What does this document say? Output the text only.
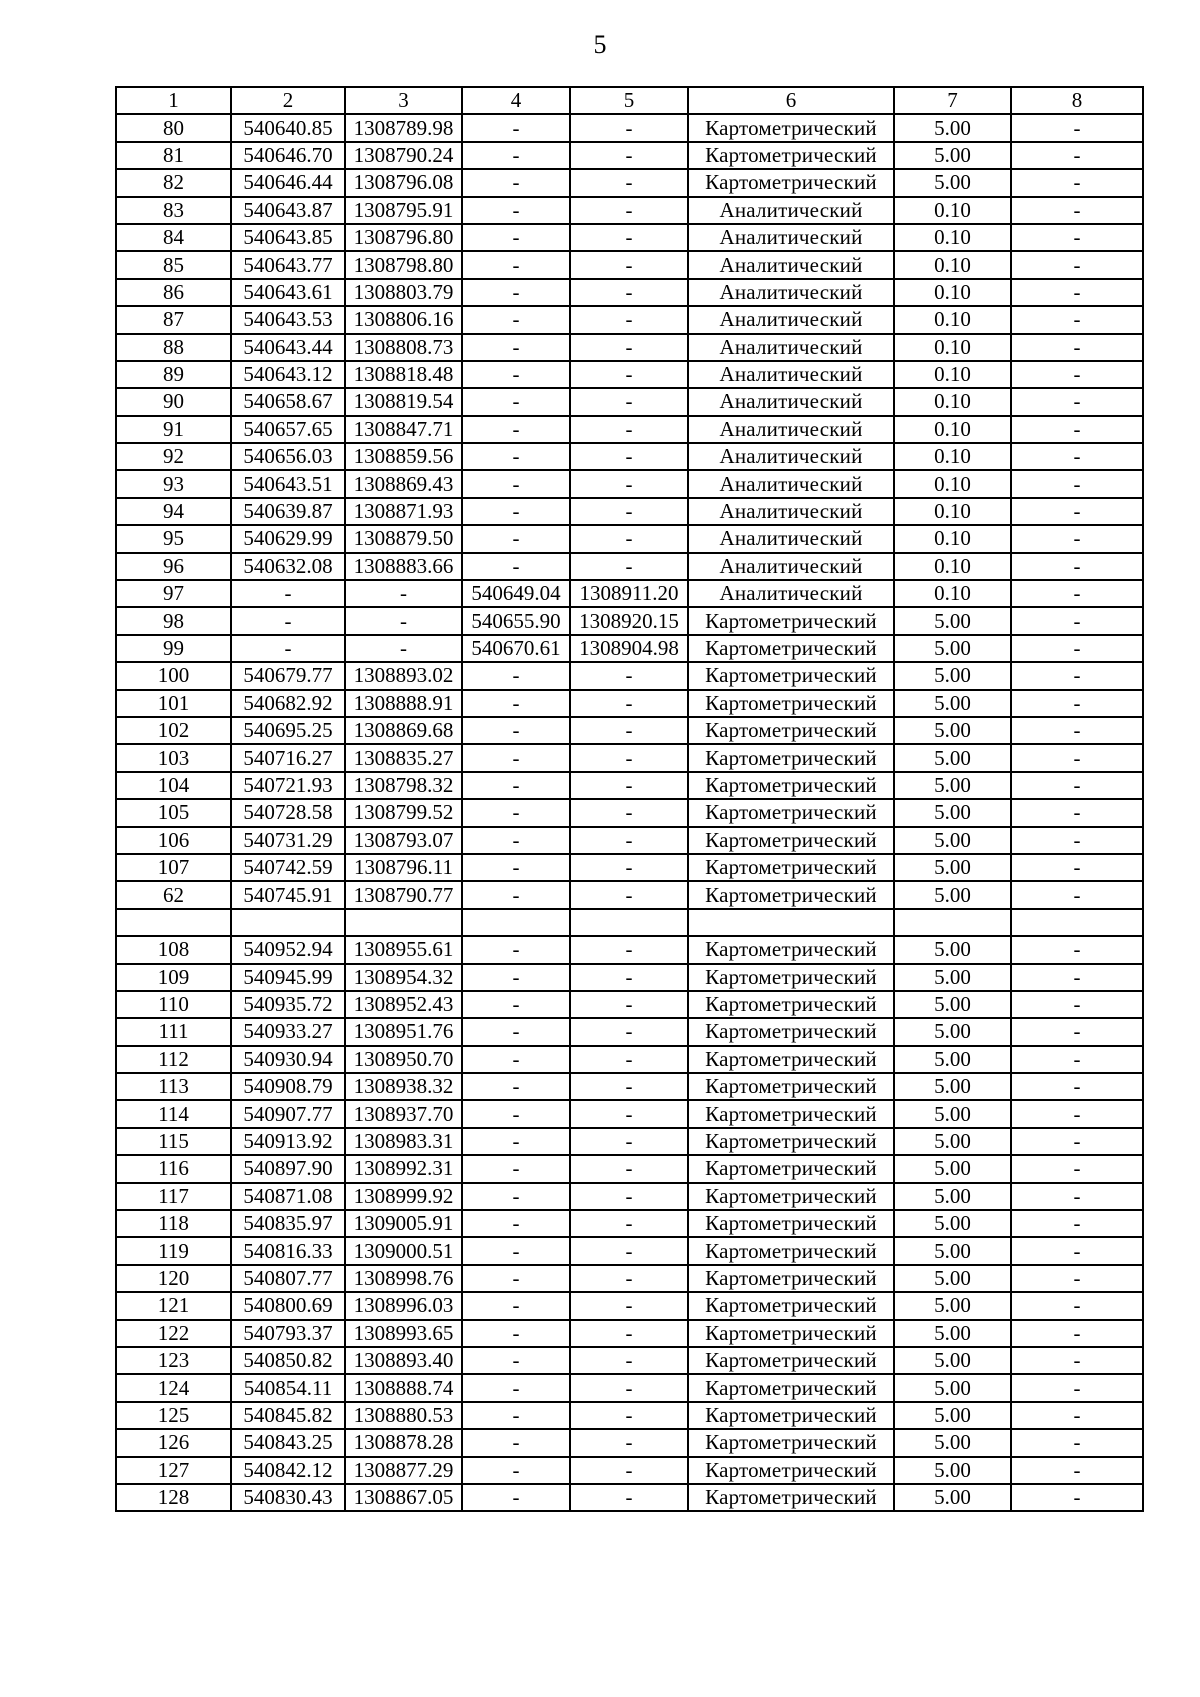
5
1	2	3	4	5	6	7	8
80	540640.85	1308789.98	-	-	Картометрический	5.00	-
81	540646.70	1308790.24	-	-	Картометрический	5.00	-
82	540646.44	1308796.08	-	-	Картометрический	5.00	-
83	540643.87	1308795.91	-	-	Аналитический	0.10	-
84	540643.85	1308796.80	-	-	Аналитический	0.10	-
85	540643.77	1308798.80	-	-	Аналитический	0.10	-
86	540643.61	1308803.79	-	-	Аналитический	0.10	-
87	540643.53	1308806.16	-	-	Аналитический	0.10	-
88	540643.44	1308808.73	-	-	Аналитический	0.10	-
89	540643.12	1308818.48	-	-	Аналитический	0.10	-
90	540658.67	1308819.54	-	-	Аналитический	0.10	-
91	540657.65	1308847.71	-	-	Аналитический	0.10	-
92	540656.03	1308859.56	-	-	Аналитический	0.10	-
93	540643.51	1308869.43	-	-	Аналитический	0.10	-
94	540639.87	1308871.93	-	-	Аналитический	0.10	-
95	540629.99	1308879.50	-	-	Аналитический	0.10	-
96	540632.08	1308883.66	-	-	Аналитический	0.10	-
97	-	-	540649.04	1308911.20	Аналитический	0.10	-
98	-	-	540655.90	1308920.15	Картометрический	5.00	-
99	-	-	540670.61	1308904.98	Картометрический	5.00	-
100	540679.77	1308893.02	-	-	Картометрический	5.00	-
101	540682.92	1308888.91	-	-	Картометрический	5.00	-
102	540695.25	1308869.68	-	-	Картометрический	5.00	-
103	540716.27	1308835.27	-	-	Картометрический	5.00	-
104	540721.93	1308798.32	-	-	Картометрический	5.00	-
105	540728.58	1308799.52	-	-	Картометрический	5.00	-
106	540731.29	1308793.07	-	-	Картометрический	5.00	-
107	540742.59	1308796.11	-	-	Картометрический	5.00	-
62	540745.91	1308790.77	-	-	Картометрический	5.00	-

108	540952.94	1308955.61	-	-	Картометрический	5.00	-
109	540945.99	1308954.32	-	-	Картометрический	5.00	-
110	540935.72	1308952.43	-	-	Картометрический	5.00	-
111	540933.27	1308951.76	-	-	Картометрический	5.00	-
112	540930.94	1308950.70	-	-	Картометрический	5.00	-
113	540908.79	1308938.32	-	-	Картометрический	5.00	-
114	540907.77	1308937.70	-	-	Картометрический	5.00	-
115	540913.92	1308983.31	-	-	Картометрический	5.00	-
116	540897.90	1308992.31	-	-	Картометрический	5.00	-
117	540871.08	1308999.92	-	-	Картометрический	5.00	-
118	540835.97	1309005.91	-	-	Картометрический	5.00	-
119	540816.33	1309000.51	-	-	Картометрический	5.00	-
120	540807.77	1308998.76	-	-	Картометрический	5.00	-
121	540800.69	1308996.03	-	-	Картометрический	5.00	-
122	540793.37	1308993.65	-	-	Картометрический	5.00	-
123	540850.82	1308893.40	-	-	Картометрический	5.00	-
124	540854.11	1308888.74	-	-	Картометрический	5.00	-
125	540845.82	1308880.53	-	-	Картометрический	5.00	-
126	540843.25	1308878.28	-	-	Картометрический	5.00	-
127	540842.12	1308877.29	-	-	Картометрический	5.00	-
128	540830.43	1308867.05	-	-	Картометрический	5.00	-
